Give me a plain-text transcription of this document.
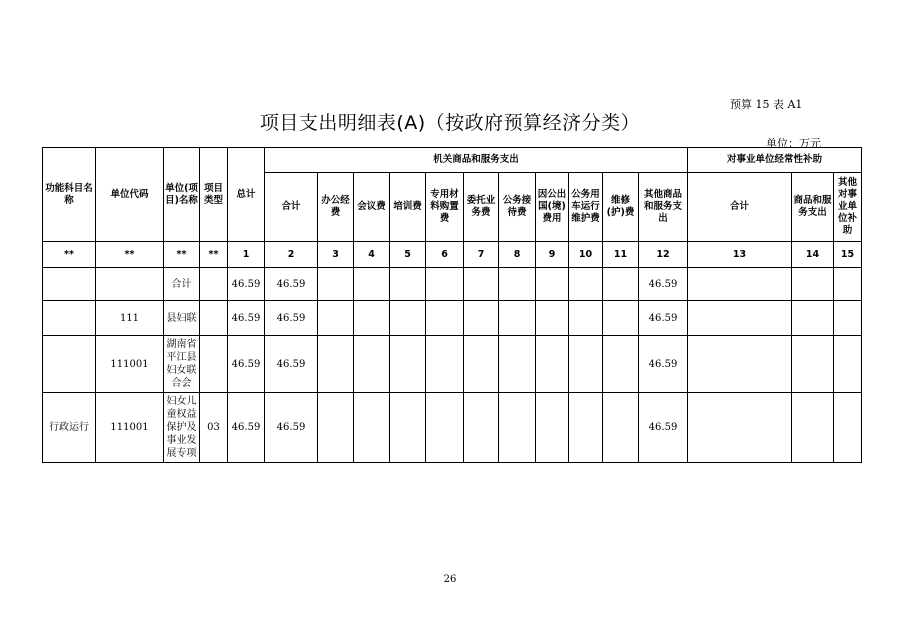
预算 15 表 A1
项目支出明细表(A)（按政府预算经济分类）
单位：万元
功能科目名称	单位代码	单位(项目)名称	项目类型	总计	机关商品和服务支出											对事业单位经常性补助		
					合计	办公经费	会议费	培训费	专用材料购置费	委托业务费	公务接待费	因公出国(境)费用	公务用车运行维护费	维修(护)费	其他商品和服务支出	合计	商品和服务支出	其他对事业单位补助
**	**	**	**	1	2	3	4	5	6	7	8	9	10	11	12	13	14	15
		合计		46.59	46.59										46.59			
	111	县妇联		46.59	46.59										46.59			
	111001	湖南省平江县妇女联合会		46.59	46.59										46.59			
行政运行	111001	妇女儿童权益保护及事业发展专项	03	46.59	46.59										46.59			
26
